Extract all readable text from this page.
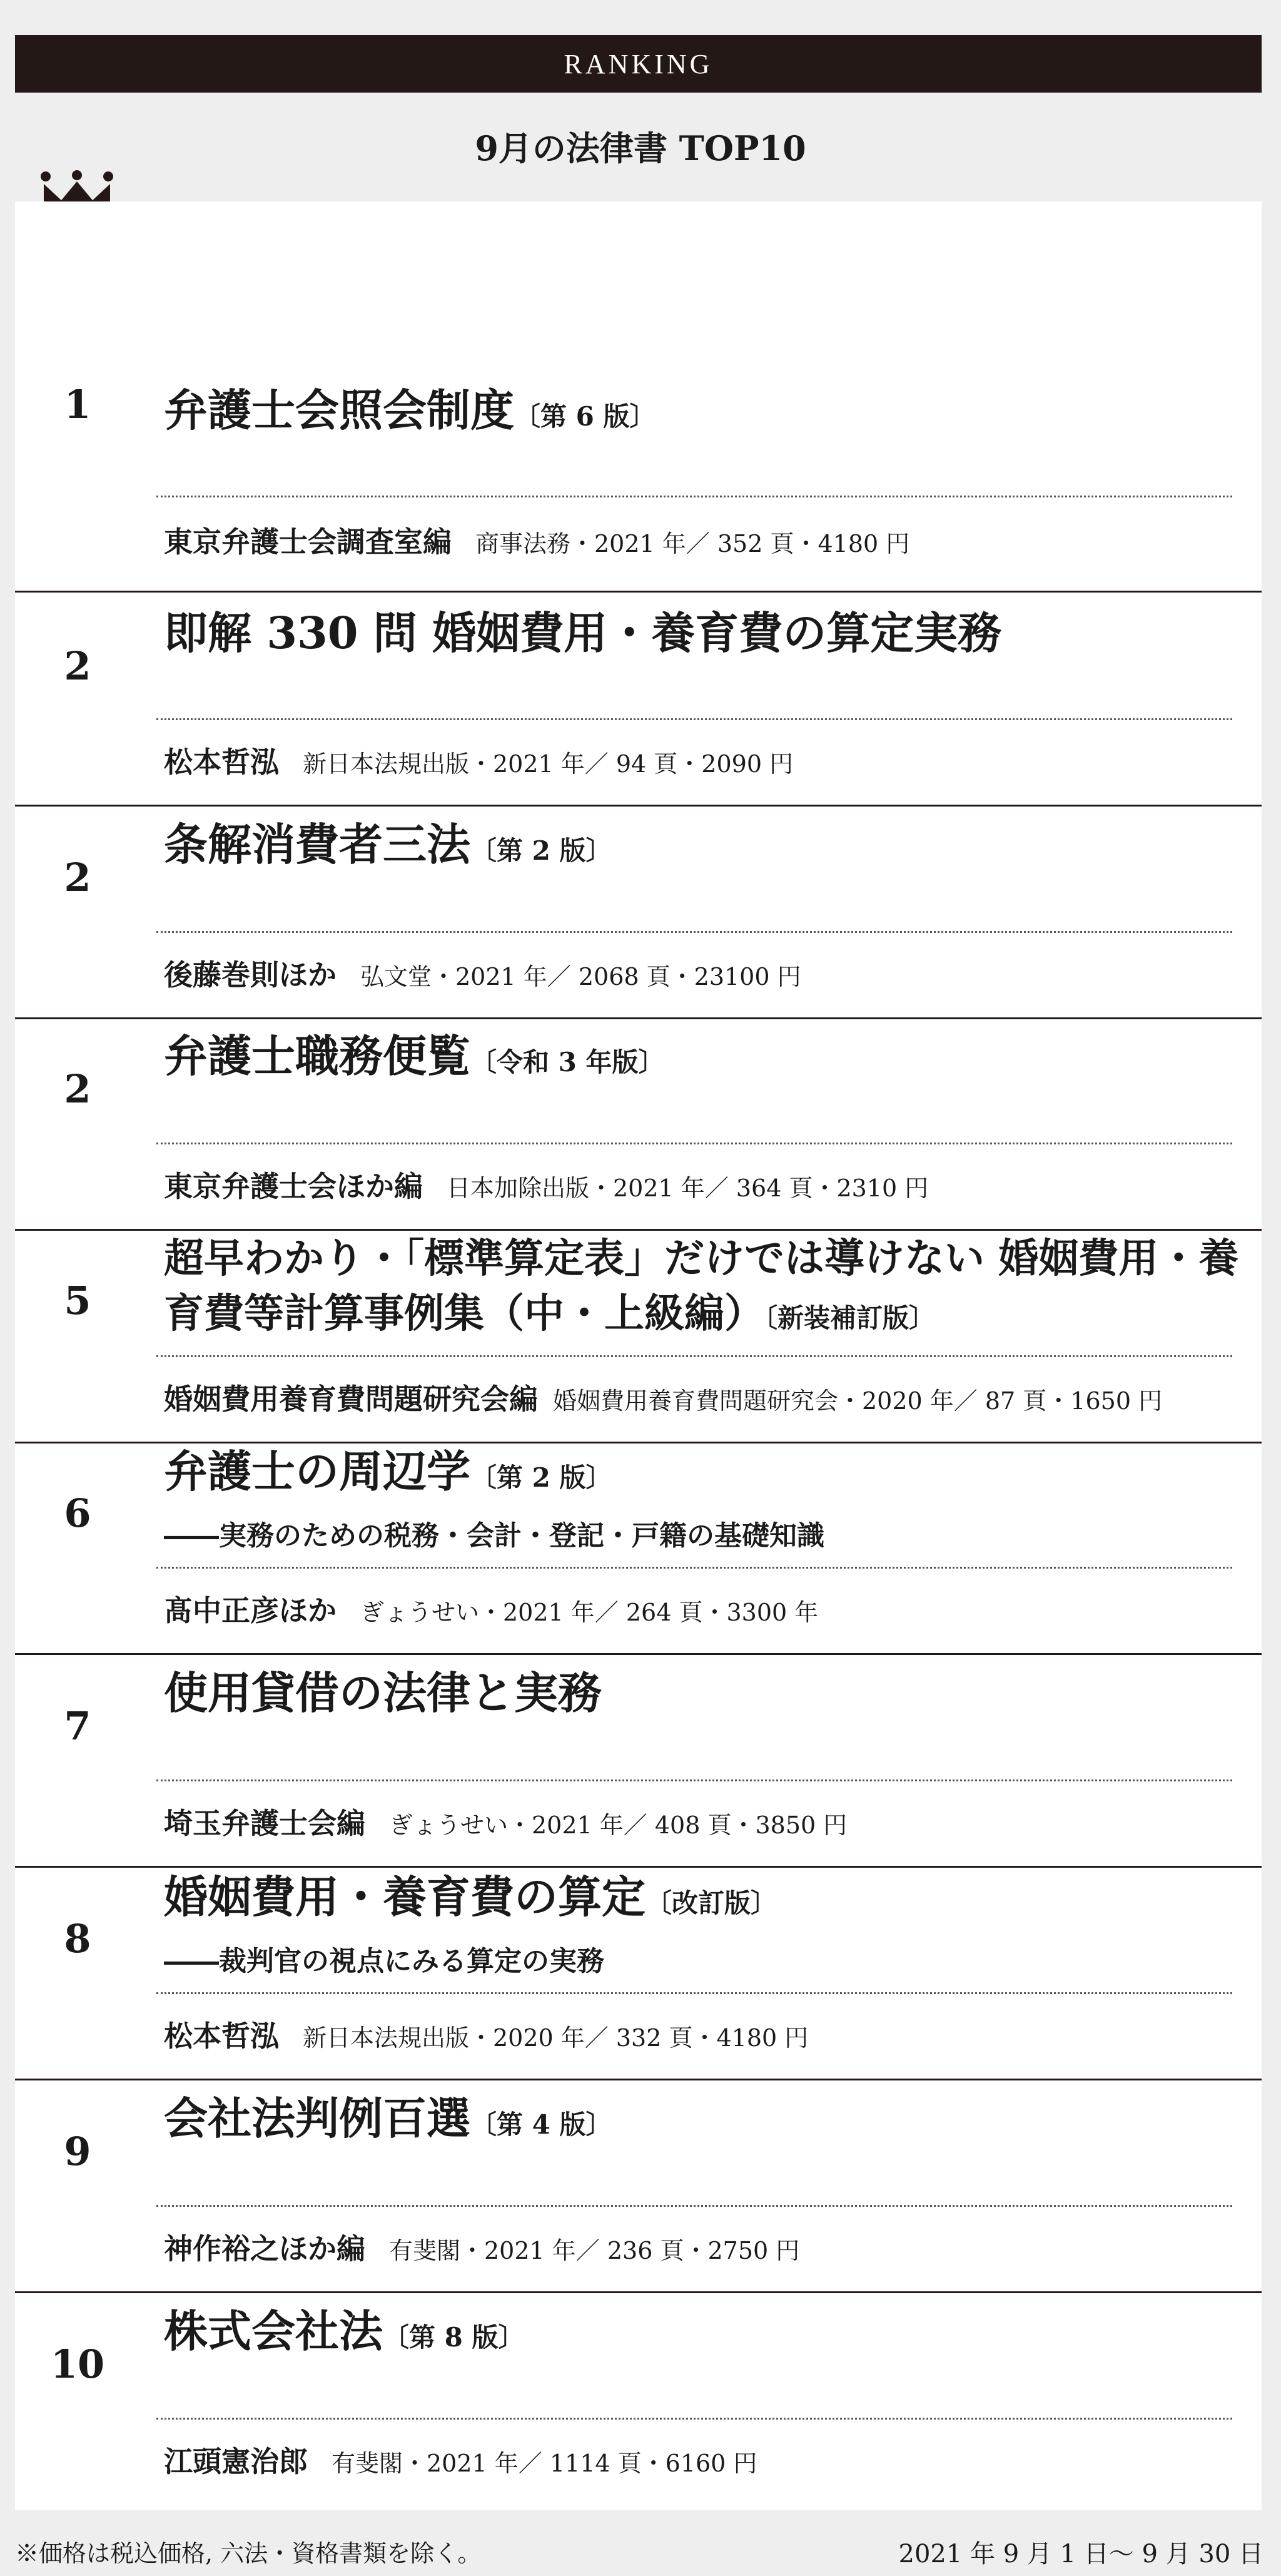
RANKING
9月の法律書 TOP10
1	弁護士会照会制度〔第 6 版〕
東京弁護士会調査室編 商事法務・2021 年／ 352 頁・4180 円
2
即解 330 問 婚姻費用・養育費の算定実務
松本哲泓 新日本法規出版・2021 年／ 94 頁・2090 円
2
条解消費者三法〔第 2 版〕
後藤巻則ほか 弘文堂・2021 年／ 2068 頁・23100 円
2
弁護士職務便覧〔令和 3 年版〕
東京弁護士会ほか編 日本加除出版・2021 年／ 364 頁・2310 円
5
超早わかり・「標準算定表」だけでは導けない 婚姻費用・養育費等計算事例集（中・上級編）〔新装補訂版〕
婚姻費用養育費問題研究会編 婚姻費用養育費問題研究会・2020 年／ 87 頁・1650 円
6
弁護士の周辺学〔第 2 版〕
――実務のための税務・会計・登記・戸籍の基礎知識
髙中正彦ほか ぎょうせい・2021 年／ 264 頁・3300 年
7
使用貸借の法律と実務
埼玉弁護士会編 ぎょうせい・2021 年／ 408 頁・3850 円
8
婚姻費用・養育費の算定〔改訂版〕
――裁判官の視点にみる算定の実務
松本哲泓 新日本法規出版・2020 年／ 332 頁・4180 円
9
会社法判例百選〔第 4 版〕
神作裕之ほか編 有斐閣・2021 年／ 236 頁・2750 円
10
株式会社法〔第 8 版〕
江頭憲治郎 有斐閣・2021 年／ 1114 頁・6160 円
※価格は税込価格, 六法・資格書類を除く。	2021 年 9 月 1 日～ 9 月 30 日
